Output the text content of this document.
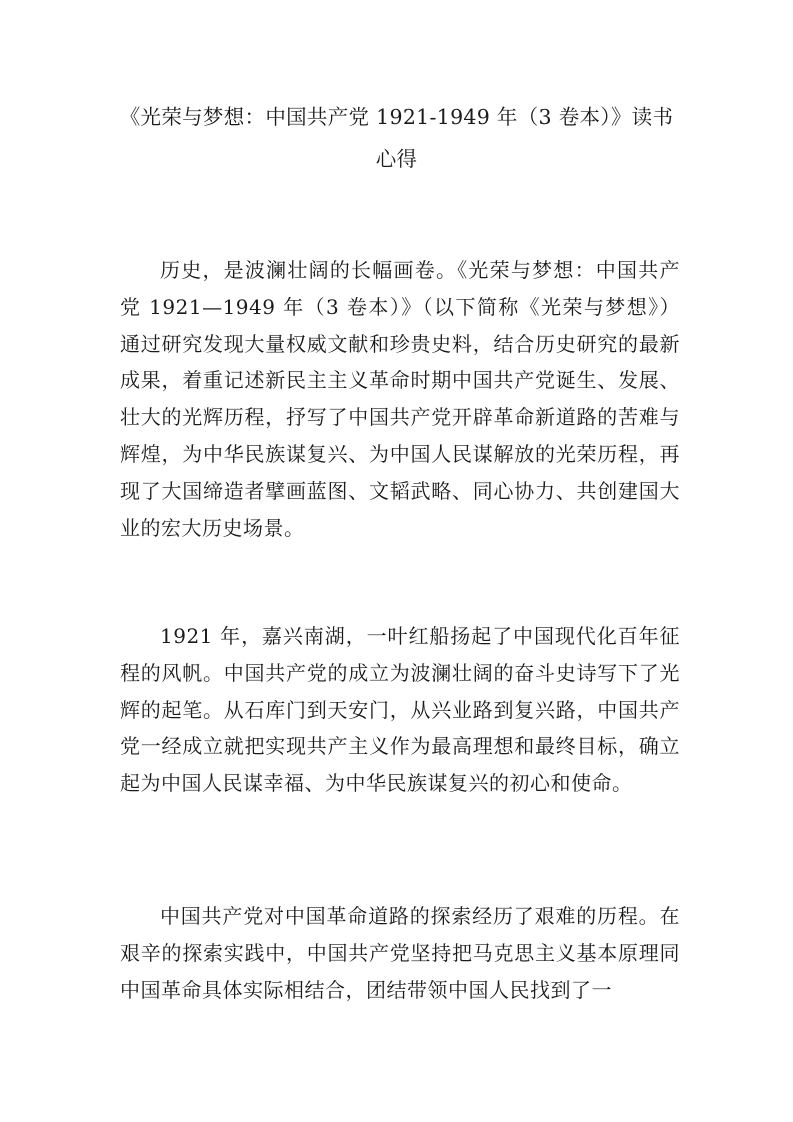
《光荣与梦想：中国共产党 1921-1949 年（3 卷本）》读书心得

历史，是波澜壮阔的长幅画卷。《光荣与梦想：中国共产党 1921—1949 年（3 卷本）》（以下简称《光荣与梦想》）通过研究发现大量权威文献和珍贵史料，结合历史研究的最新成果，着重记述新民主主义革命时期中国共产党诞生、发展、壮大的光辉历程，抒写了中国共产党开辟革命新道路的苦难与辉煌，为中华民族谋复兴、为中国人民谋解放的光荣历程，再现了大国缔造者擘画蓝图、文韬武略、同心协力、共创建国大业的宏大历史场景。

1921 年，嘉兴南湖，一叶红船扬起了中国现代化百年征程的风帆。中国共产党的成立为波澜壮阔的奋斗史诗写下了光辉的起笔。从石库门到天安门，从兴业路到复兴路，中国共产党一经成立就把实现共产主义作为最高理想和最终目标，确立起为中国人民谋幸福、为中华民族谋复兴的初心和使命。

中国共产党对中国革命道路的探索经历了艰难的历程。在艰辛的探索实践中，中国共产党坚持把马克思主义基本原理同中国革命具体实际相结合，团结带领中国人民找到了一
